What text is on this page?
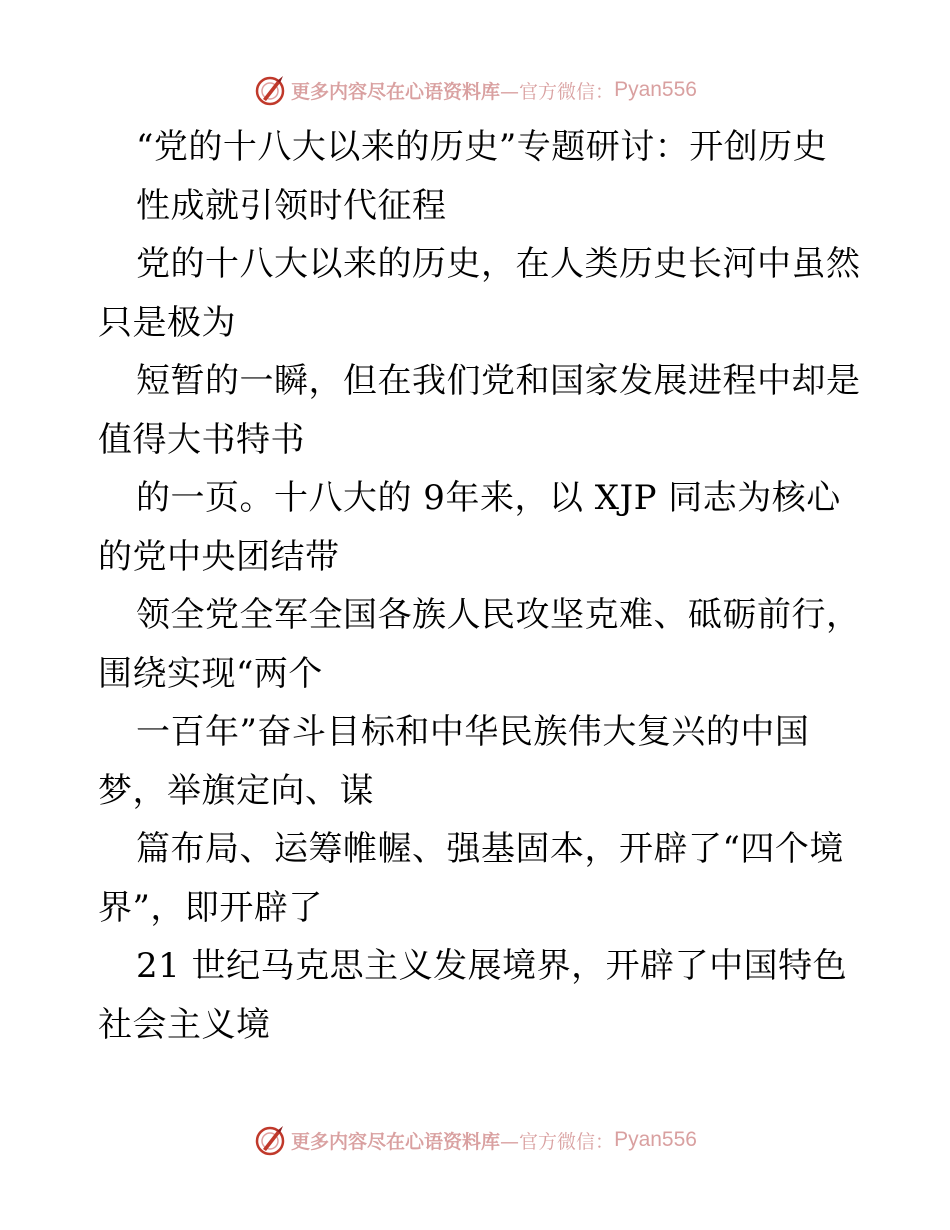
更多内容尽在心语资料库 —官方微信： Pyan556
“党的十八大以来的历史”专题研讨：开创历史
性成就引领时代征程
党的十八大以来的历史，在人类历史长河中虽然
只是极为
短暂的一瞬，但在我们党和国家发展进程中却是
值得大书特书
的一页。十八大的 9年来，以 XJP 同志为核心
的党中央团结带
领全党全军全国各族人民攻坚克难、砥砺前行，
围绕实现“两个
一百年”奋斗目标和中华民族伟大复兴的中国
梦，举旗定向、谋
篇布局、运筹帷幄、强基固本，开辟了“四个境
界”，即开辟了
21 世纪马克思主义发展境界，开辟了中国特色
社会主义境
更多内容尽在心语资料库 —官方微信： Pyan556
